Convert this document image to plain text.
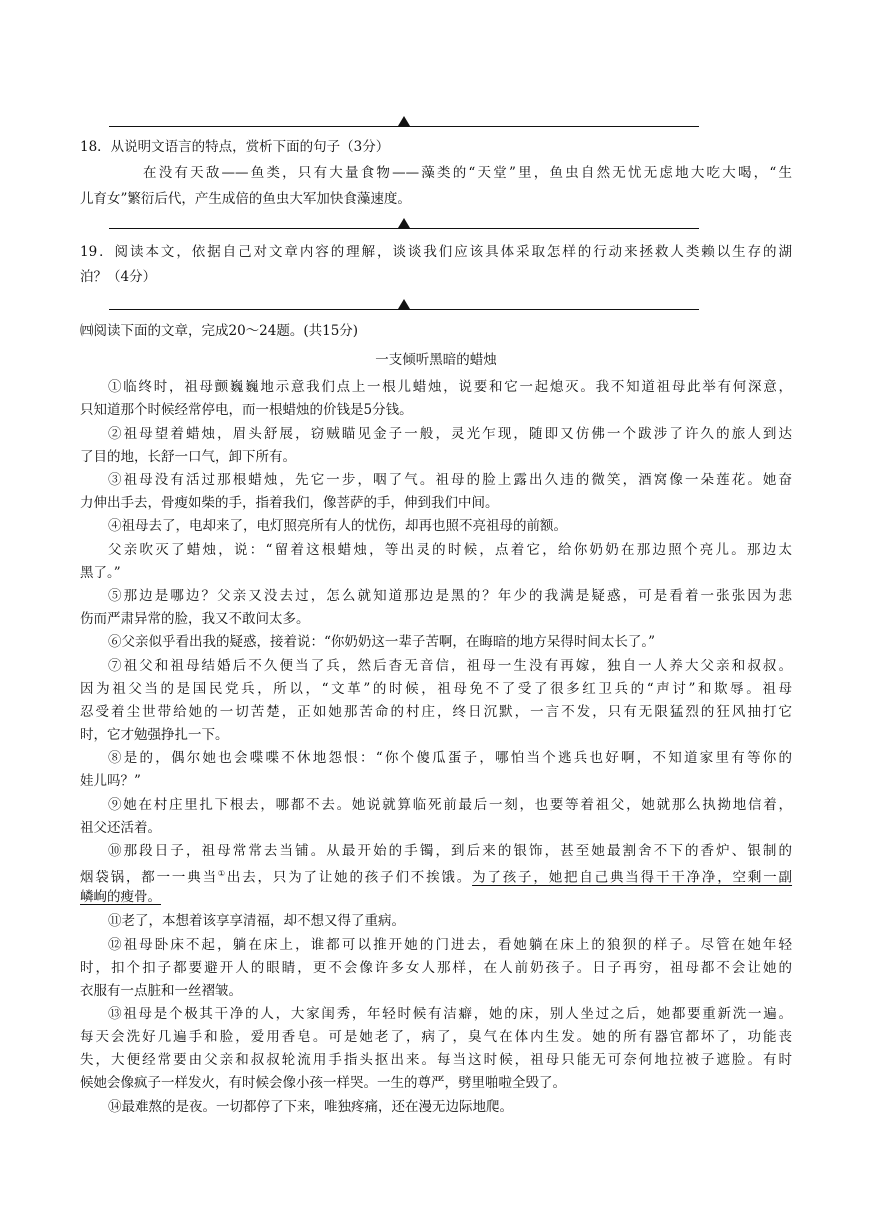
18．从说明文语言的特点，赏析下面的句子（3分）
在没有天敌——鱼类，只有大量食物——藻类的“天堂”里，鱼虫自然无忧无虑地大吃大喝，“生
儿育女”繁衍后代，产生成倍的鱼虫大军加快食藻速度。
19．阅读本文，依据自己对文章内容的理解，谈谈我们应该具体采取怎样的行动来拯救人类赖以生存的湖
泊？（4分）
㈣阅读下面的文章，完成20～24题。(共15分)
一支倾听黑暗的蜡烛
①临终时，祖母颤巍巍地示意我们点上一根儿蜡烛，说要和它一起熄灭。我不知道祖母此举有何深意，
只知道那个时候经常停电，而一根蜡烛的价钱是5分钱。
②祖母望着蜡烛，眉头舒展，窃贼瞄见金子一般，灵光乍现，随即又仿佛一个跋涉了许久的旅人到达
了目的地，长舒一口气，卸下所有。
③祖母没有活过那根蜡烛，先它一步，咽了气。祖母的脸上露出久违的微笑，酒窝像一朵莲花。她奋
力伸出手去，骨瘦如柴的手，指着我们，像菩萨的手，伸到我们中间。
④祖母去了，电却来了，电灯照亮所有人的忧伤，却再也照不亮祖母的前额。
父亲吹灭了蜡烛，说：“留着这根蜡烛，等出灵的时候，点着它，给你奶奶在那边照个亮儿。那边太
黑了。”
⑤那边是哪边？父亲又没去过，怎么就知道那边是黑的？年少的我满是疑惑，可是看着一张张因为悲
伤而严肃异常的脸，我又不敢问太多。
⑥父亲似乎看出我的疑惑，接着说：“你奶奶这一辈子苦啊，在晦暗的地方呆得时间太长了。”
⑦祖父和祖母结婚后不久便当了兵，然后杳无音信，祖母一生没有再嫁，独自一人养大父亲和叔叔。
因为祖父当的是国民党兵，所以，“文革”的时候，祖母免不了受了很多红卫兵的“声讨”和欺辱。祖母
忍受着尘世带给她的一切苦楚，正如她那苦命的村庄，终日沉默，一言不发，只有无限猛烈的狂风抽打它
时，它才勉强挣扎一下。
⑧是的，偶尔她也会喋喋不休地怨恨：“你个傻瓜蛋子，哪怕当个逃兵也好啊，不知道家里有等你的
娃儿吗？”
⑨她在村庄里扎下根去，哪都不去。她说就算临死前最后一刻，也要等着祖父，她就那么执拗地信着，
祖父还活着。
⑩那段日子，祖母常常去当铺。从最开始的手镯，到后来的银饰，甚至她最割舍不下的香炉、银制的
烟袋锅，都一一典当①出去，只为了让她的孩子们不挨饿。为了孩子，她把自己典当得干干净净，空剩一副
嶙峋的瘦骨。
⑪老了，本想着该享享清福，却不想又得了重病。
⑫祖母卧床不起，躺在床上，谁都可以推开她的门进去，看她躺在床上的狼狈的样子。尽管在她年轻
时，扣个扣子都要避开人的眼睛，更不会像许多女人那样，在人前奶孩子。日子再穷，祖母都不会让她的
衣服有一点脏和一丝褶皱。
⑬祖母是个极其干净的人，大家闺秀，年轻时候有洁癖，她的床，别人坐过之后，她都要重新洗一遍。
每天会洗好几遍手和脸，爱用香皂。可是她老了，病了，臭气在体内生发。她的所有器官都坏了，功能丧
失，大便经常要由父亲和叔叔轮流用手指头抠出来。每当这时候，祖母只能无可奈何地拉被子遮脸。有时
候她会像疯子一样发火，有时候会像小孩一样哭。一生的尊严，劈里啪啦全毁了。
⑭最难熬的是夜。一切都停了下来，唯独疼痛，还在漫无边际地爬。
